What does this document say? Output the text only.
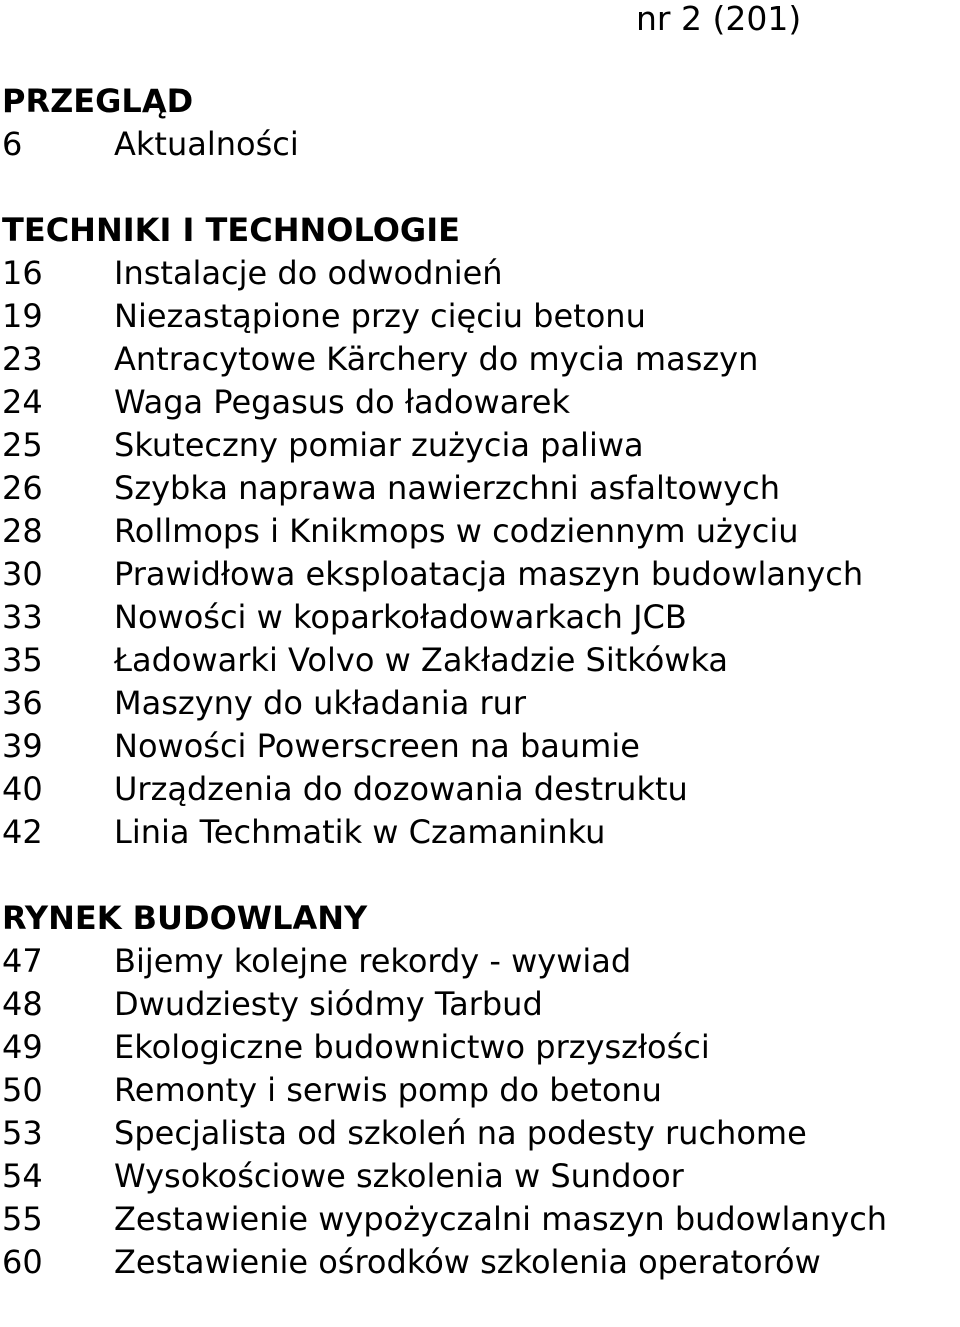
nr 2 (201)
PRZEGLĄD
6	Aktualności
TECHNIKI I TECHNOLOGIE
16	Instalacje do odwodnień
19	Niezastąpione przy cięciu betonu
23	Antracytowe Kärchery do mycia maszyn
24	Waga Pegasus do ładowarek
25	Skuteczny pomiar zużycia paliwa
26	Szybka naprawa nawierzchni asfaltowych
28	Rollmops i Knikmops w codziennym użyciu
30	Prawidłowa eksploatacja maszyn budowlanych
33	Nowości w koparkoładowarkach JCB
35	Ładowarki Volvo w Zakładzie Sitkówka
36	Maszyny do układania rur
39	Nowości Powerscreen na baumie
40	Urządzenia do dozowania destruktu
42	Linia Techmatik w Czamaninku
RYNEK BUDOWLANY
47	Bijemy kolejne rekordy - wywiad
48	Dwudziesty siódmy Tarbud
49	Ekologiczne budownictwo przyszłości
50	Remonty i serwis pomp do betonu
53	Specjalista od szkoleń na podesty ruchome
54	Wysokościowe szkolenia w Sundoor
55	Zestawienie wypożyczalni maszyn budowlanych
60	Zestawienie ośrodków szkolenia operatorów
